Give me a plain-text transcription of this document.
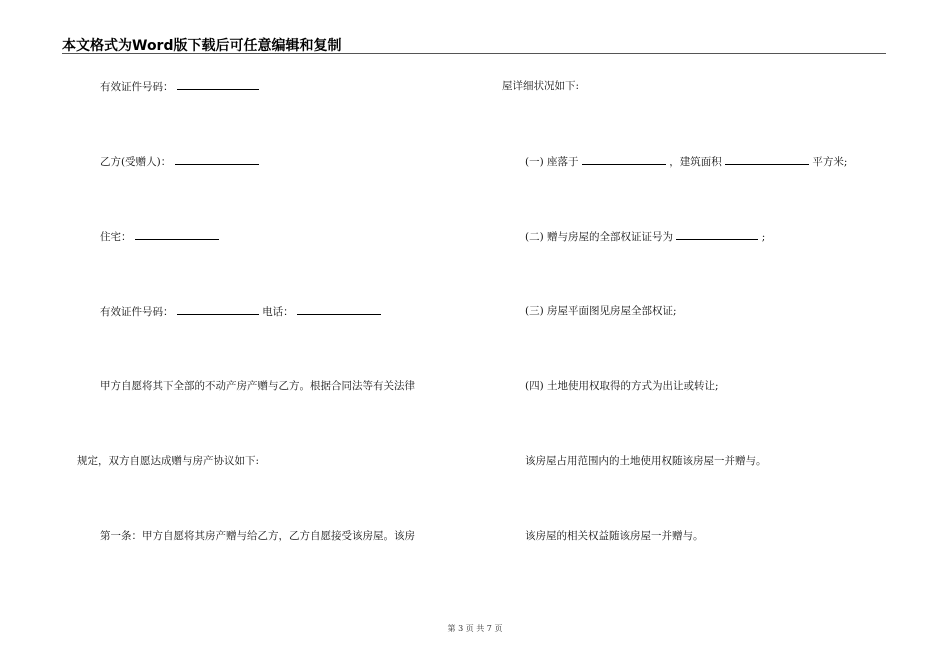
本文格式为Word版下载后可任意编辑和复制
有效证件号码：
乙方(受赠人)：
住宅：
有效证件号码：	电话：
甲方自愿将其下全部的不动产房产赠与乙方。根据合同法等有关法律
规定，双方自愿达成赠与房产协议如下:
第一条：甲方自愿将其房产赠与给乙方，乙方自愿接受该房屋。该房
屋详细状况如下:
(一) 座落于	，建筑面积	平方米;
(二) 赠与房屋的全部权证证号为	;
(三) 房屋平面图见房屋全部权证;
(四) 土地使用权取得的方式为出让或转让;
该房屋占用范围内的土地使用权随该房屋一并赠与。
该房屋的相关权益随该房屋一并赠与。
第 3 页 共 7 页
